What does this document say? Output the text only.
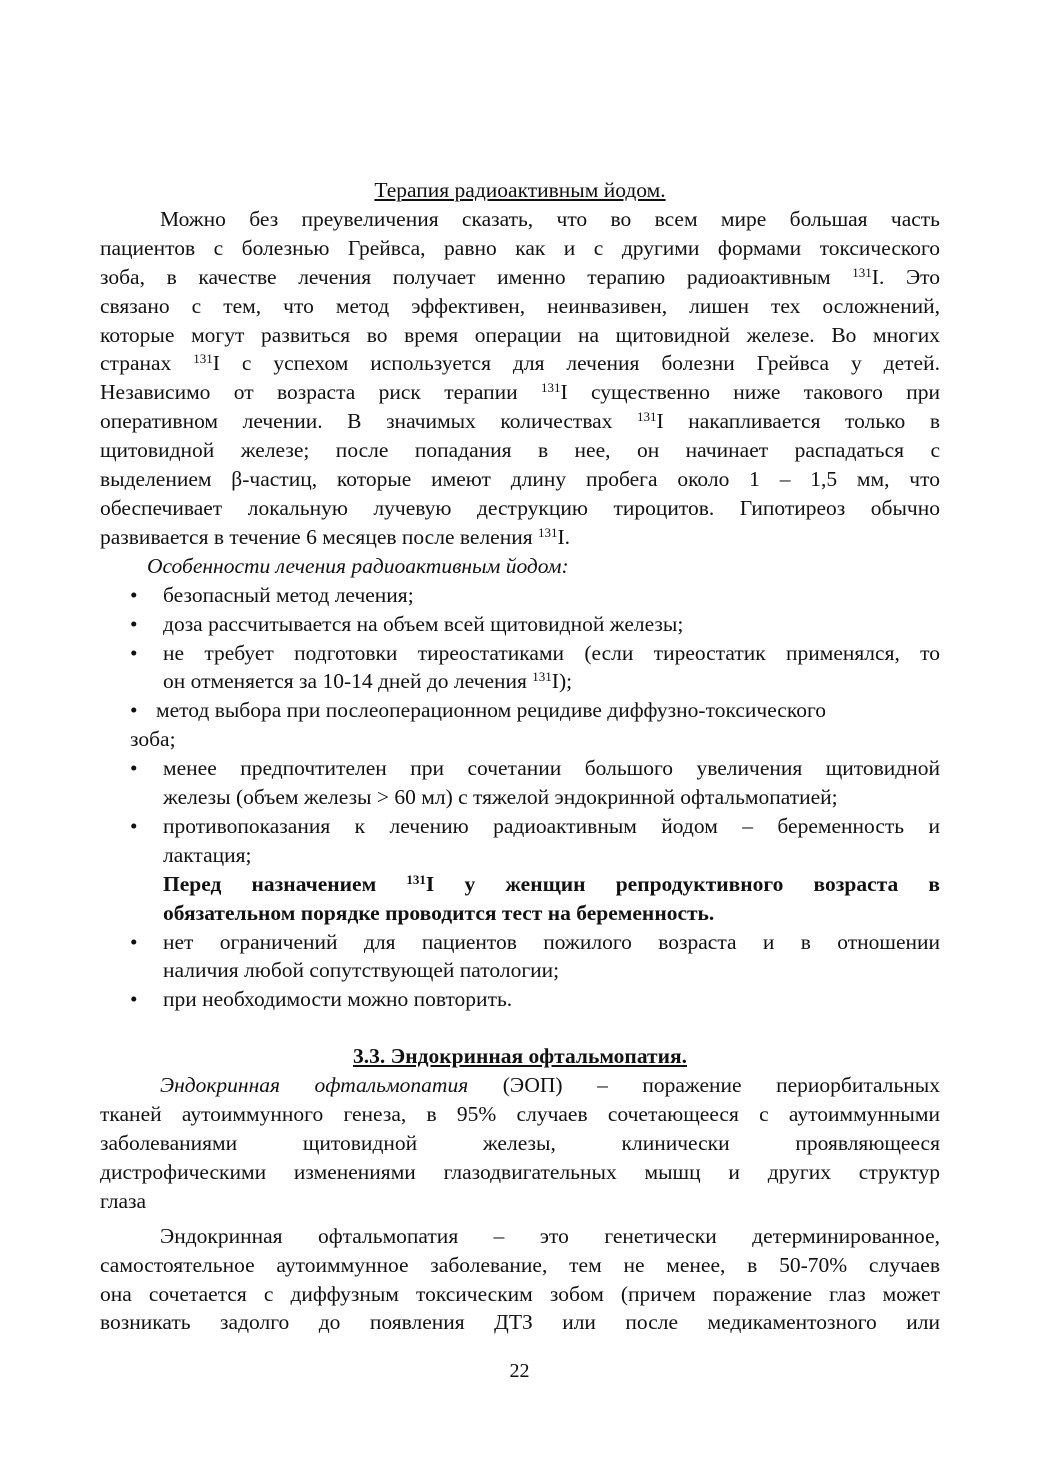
Терапия радиоактивным йодом.

Можно без преувеличения сказать, что во всем мире большая часть

пациентов с болезнью Грейвса, равно как и с другими формами токсического

зоба, в качестве лечения получает именно терапию радиоактивным $^{131}$I. Это

связано с тем, что метод эффективен, неинвазивен, лишен тех осложнений,

которые могут развиться во время операции на щитовидной железе. Во многих

странах $^{131}$I с успехом используется для лечения болезни Грейвса у детей.

Независимо от возраста риск терапии $^{131}$I существенно ниже такового при

оперативном лечении. В значимых количествах $^{131}$I накапливается только в

щитовидной железе; после попадания в нее, он начинает распадаться с

выделением β-частиц, которые имеют длину пробега около 1 – 1,5 мм, что

обеспечивает локальную лучевую деструкцию тироцитов. Гипотиреоз обычно

развивается в течение 6 месяцев после веления $^{131}$I.

Особенности лечения радиоактивным йодом:

• безопасный метод лечения;
• доза рассчитывается на объем всей щитовидной железы;
• не требует подготовки тиреостатиками (если тиреостатик применялся, то

он отменяется за 10-14 дней до лечения $^{131}$I);

• метод выбора при послеоперационном рецидиве диффузно-токсического

зоба;

• менее предпочтителен при сочетании большого увеличения щитовидной

железы (объем железы > 60 мл) с тяжелой эндокринной офтальмопатией;

• противопоказания к лечению радиоактивным йодом – беременность и

лактация;

Перед назначением $^{131}$I у женщин репродуктивного возраста в

обязательном порядке проводится тест на беременность.

• нет ограничений для пациентов пожилого возраста и в отношении

наличия любой сопутствующей патологии;

• при необходимости можно повторить.

3.3. Эндокринная офтальмопатия.

Эндокринная офтальмопатия (ЭОП) – поражение периорбитальных

тканей аутоиммунного генеза, в 95% случаев сочетающееся с аутоиммунными

заболеваниями щитовидной железы, клинически проявляющееся

дистрофическими изменениями глазодвигательных мышц и других структур

глаза

Эндокринная офтальмопатия – это генетически детерминированное,

самостоятельное аутоиммунное заболевание, тем не менее, в 50-70% случаев

она сочетается с диффузным токсическим зобом (причем поражение глаз может

возникать задолго до появления ДТЗ или после медикаментозного или

22
